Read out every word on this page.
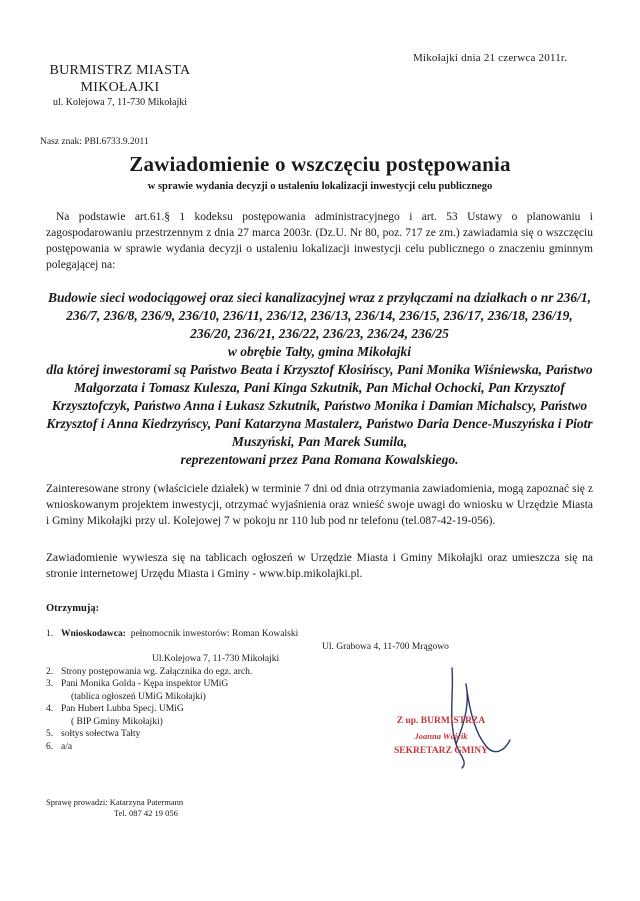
Mikołajki dnia 21 czerwca 2011r.
BURMISTRZ MIASTA
MIKOŁAJKI
ul. Kolejowa 7, 11-730 Mikołajki
Nasz znak: PBI.6733.9.2011
Zawiadomienie o wszczęciu postępowania
w sprawie wydania decyzji o ustaleniu lokalizacji inwestycji celu publicznego
Na podstawie art.61.§ 1 kodeksu postępowania administracyjnego i art. 53 Ustawy o planowaniu i zagospodarowaniu przestrzennym z dnia 27 marca 2003r. (Dz.U. Nr 80, poz. 717 ze zm.) zawiadamia się o wszczęciu postępowania w sprawie wydania decyzji o ustaleniu lokalizacji inwestycji celu publicznego o znaczeniu gminnym polegającej na:
Budowie sieci wodociągowej oraz sieci kanalizacyjnej wraz z przyłączami na działkach o nr 236/1, 236/7, 236/8, 236/9, 236/10, 236/11, 236/12, 236/13, 236/14, 236/15, 236/17, 236/18, 236/19, 236/20, 236/21, 236/22, 236/23, 236/24, 236/25
w obrębie Tałty, gmina Mikołajki
dla której inwestorami są Państwo Beata i Krzysztof Kłosińscy, Pani Monika Wiśniewska, Państwo Małgorzata i Tomasz Kulesza, Pani Kinga Szkutnik, Pan Michał Ochocki, Pan Krzysztof Krzysztofczyk, Państwo Anna i Łukasz Szkutnik, Państwo Monika i Damian Michalscy, Państwo Krzysztof i Anna Kiedrzyńscy, Pani Katarzyna Mastalerz, Państwo Daria Dence-Muszyńska i Piotr Muszyński, Pan Marek Sumila,
reprezentowani przez Pana Romana Kowalskiego.
Zainteresowane strony (właściciele działek) w terminie 7 dni od dnia otrzymania zawiadomienia, mogą zapoznać się z wnioskowanym projektem inwestycji, otrzymać wyjaśnienia oraz wnieść swoje uwagi do wniosku w Urzędzie Miasta i Gminy Mikołajki przy ul. Kolejowej 7 w pokoju nr 110 lub pod nr telefonu (tel.087-42-19-056).
Zawiadomienie wywiesza się na tablicach ogłoszeń w Urzędzie Miasta i Gminy Mikołajki oraz umieszcza się na stronie internetowej Urzędu Miasta i Gminy - www.bip.mikolajki.pl.
Otrzymują:
1. Wnioskodawca: pełnomocnik inwestorów: Roman Kowalski
Ul. Grabowa 4, 11-700 Mrągowo
Ul.Kolejowa 7, 11-730 Mikołajki
2. Strony postępowania wg. Załącznika do egz. arch.
3. Pani Monika Golda - Kępa inspektor UMiG
(tablica ogłoszeń UMiG Mikołajki)
4. Pan Hubert Lubba Specj. UMiG
( BIP Gminy Mikołajki)
5. sołtys sołectwa Tałty
6. a/a
Z up. BURMISTRZA
Joanna Wójcik
SEKRETARZ GMINY
Sprawę prowadzi: Katarzyna Patermann
Tel. 087 42 19 056
